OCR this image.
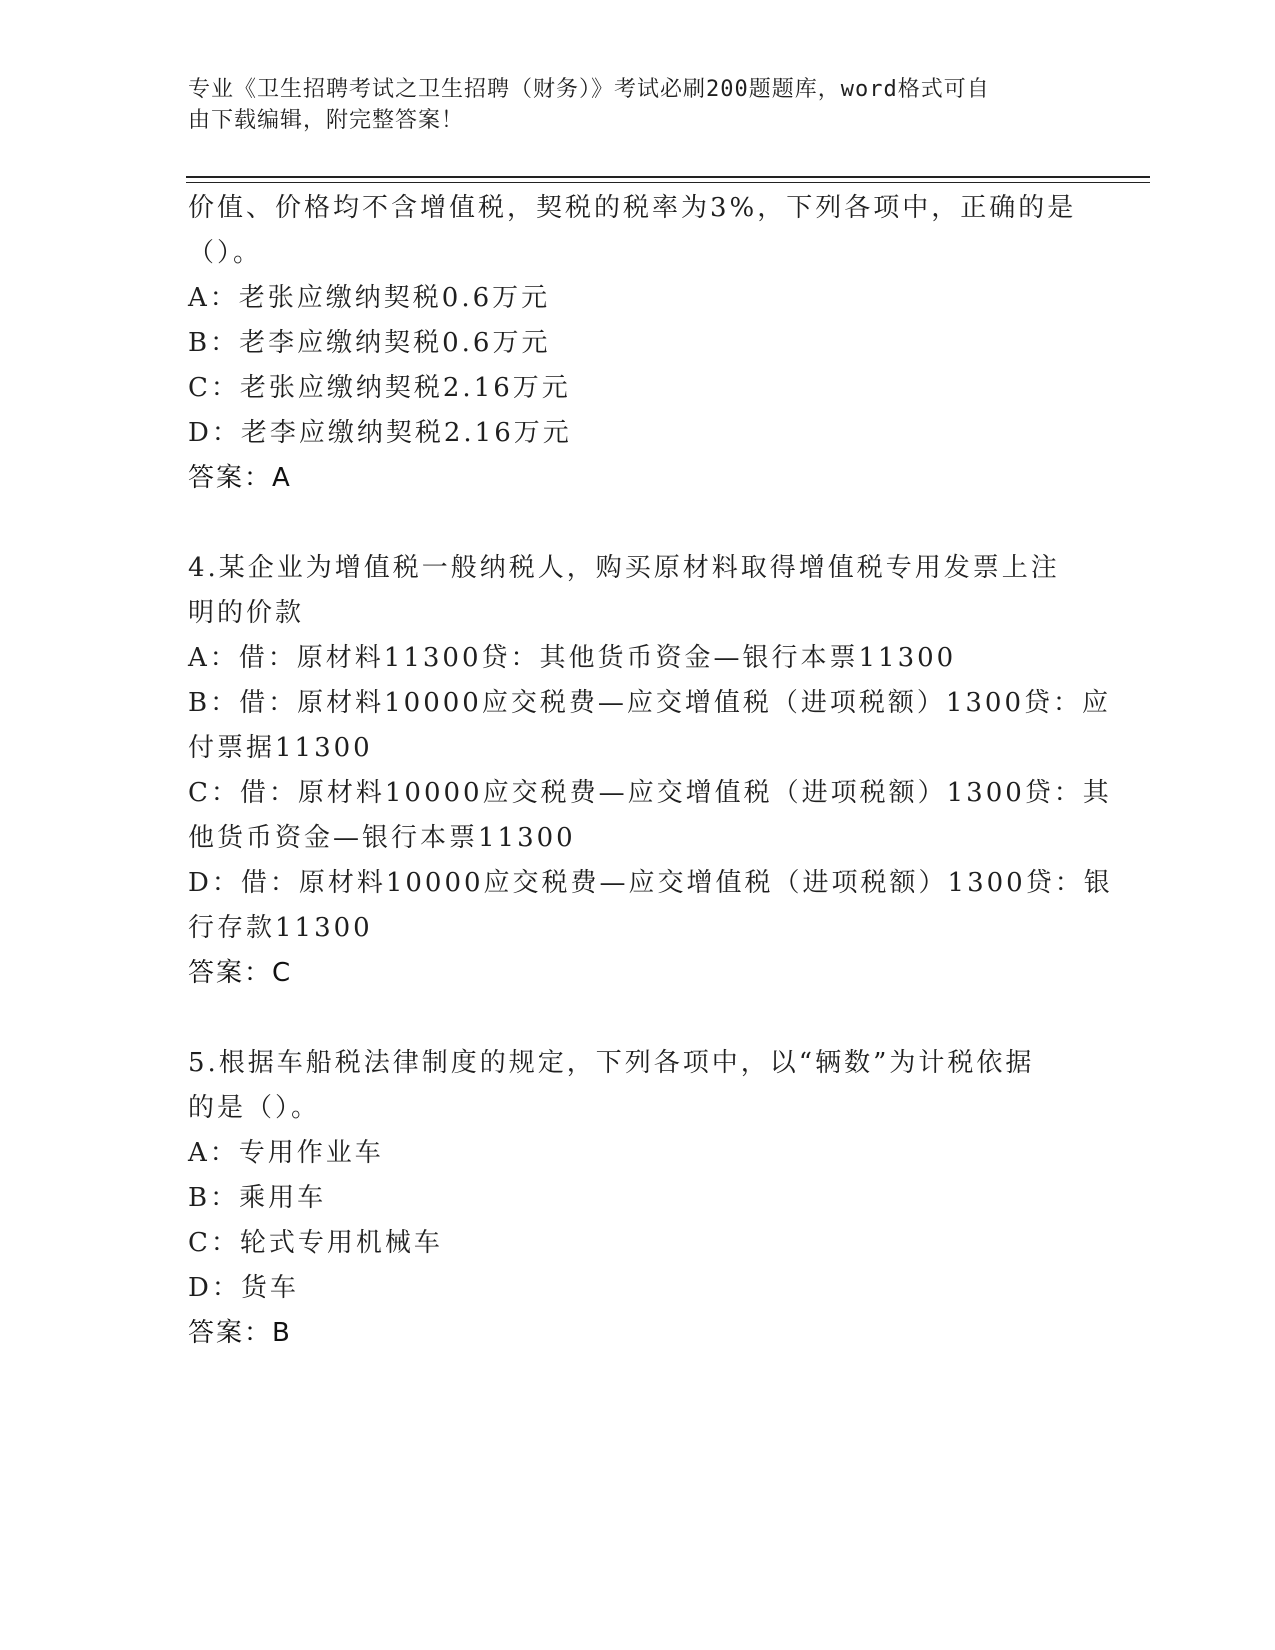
专业《卫生招聘考试之卫生招聘（财务）》考试必刷200题题库，word格式可自
由下载编辑，附完整答案！
价值、价格均不含增值税，契税的税率为3%，下列各项中，正确的是
（）。
A：老张应缴纳契税0.6万元
B：老李应缴纳契税0.6万元
C：老张应缴纳契税2.16万元
D：老李应缴纳契税2.16万元
答案：A
4.某企业为增值税一般纳税人，购买原材料取得增值税专用发票上注
明的价款
A：借：原材料11300贷：其他货币资金—银行本票11300
B：借：原材料10000应交税费—应交增值税（进项税额）1300贷：应
付票据11300
C：借：原材料10000应交税费—应交增值税（进项税额）1300贷：其
他货币资金—银行本票11300
D：借：原材料10000应交税费—应交增值税（进项税额）1300贷：银
行存款11300
答案：C
5.根据车船税法律制度的规定，下列各项中，以“辆数”为计税依据
的是（）。
A：专用作业车
B：乘用车
C：轮式专用机械车
D：货车
答案：B
